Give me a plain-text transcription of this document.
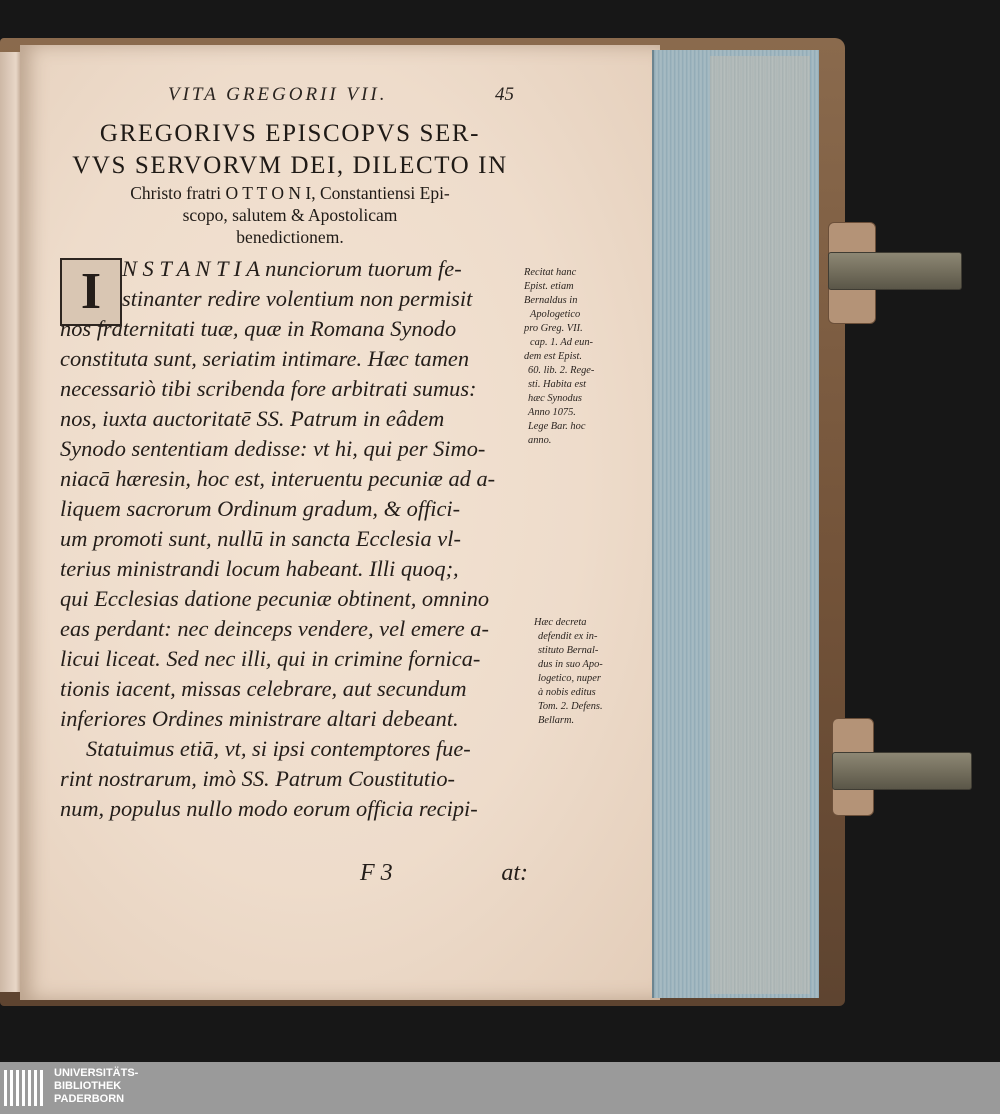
VITA GREGORII VII.	45
GREGORIVS EPISCOPVS SER-
VVS SERVORVM DEI, DILECTO IN
Christo fratri O T T O N I, Constantiensi Epi-
scopo, salutem & Apostolicam
benedictionem.
I N S T A N T I A nunciorum tuorum fe-
stinanter redire volentium non permisit
nos fraternitati tuæ, quæ in Romana Synodo
constituta sunt, seriatim intimare. Hæc tamen
necessariò tibi scribenda fore arbitrati sumus:
nos, iuxta auctoritatē SS. Patrum in eâdem
Synodo sententiam dedisse: vt hi, qui per Simo-
niacā hæresin, hoc est, interuentu pecuniæ ad a-
liquem sacrorum Ordinum gradum, & offici-
um promoti sunt, nullū in sancta Ecclesia vl-
terius ministrandi locum habeant. Illi quoq;,
qui Ecclesias datione pecuniæ obtinent, omnino
eas perdant: nec deinceps vendere, vel emere a-
licui liceat. Sed nec illi, qui in crimine fornica-
tionis iacent, missas celebrare, aut secundum
inferiores Ordines ministrare altari debeant.
Statuimus etiā, vt, si ipsi contemptores fue-
rint nostrarum, imò SS. Patrum Coustitutio-
num, populus nullo modo eorum officia recipi-
F 3	at:
Recitat hanc
Epist. etiam
Bernaldus in
Apologetico
pro Greg. VII.
cap. 1. Ad eun-
dem est Epist.
60. lib. 2. Rege-
sti. Habita est
hæc Synodus
Anno 1075.
Lege Bar. hoc
anno.
Hæc decreta
defendit ex in-
stituto Bernal-
dus in suo Apo-
logetico, nuper
à nobis editus
Tom. 2. Defens.
Bellarm.
UNIVERSITÄTS-
BIBLIOTHEK
PADERBORN
